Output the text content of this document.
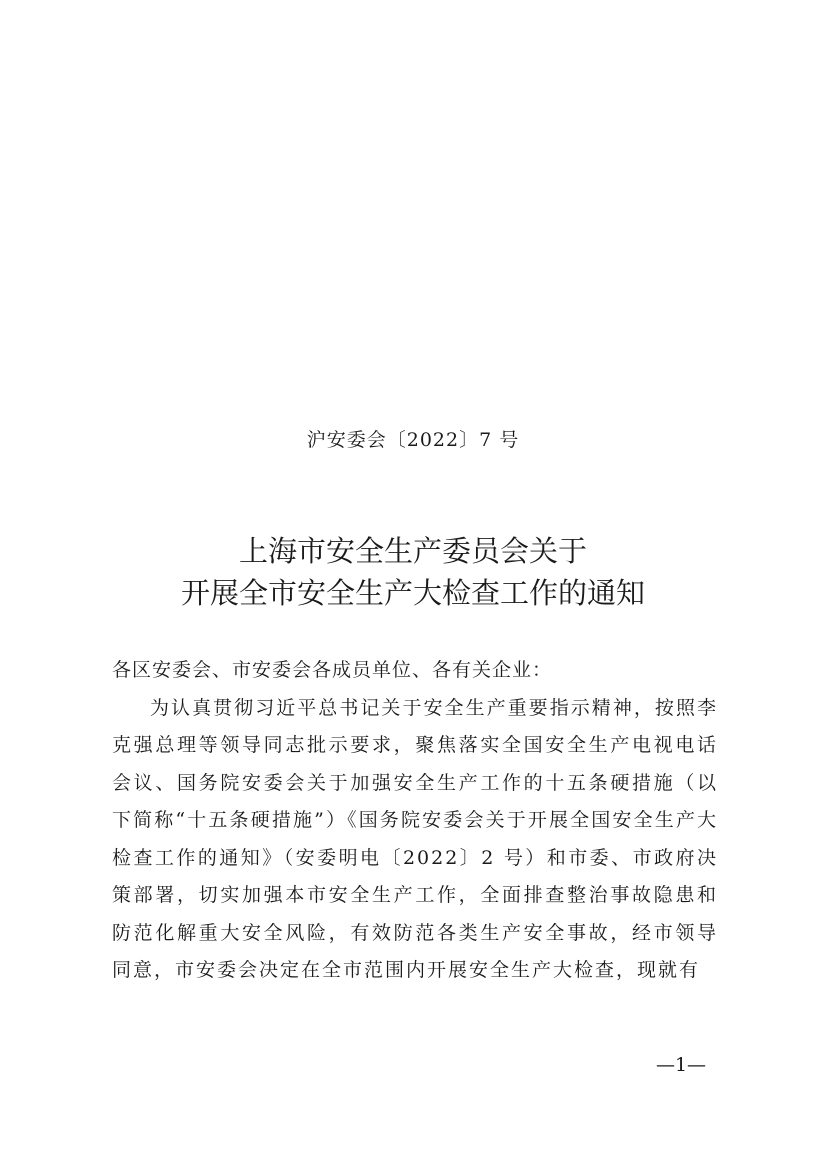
沪安委会〔2022〕7 号
上海市安全生产委员会关于
开展全市安全生产大检查工作的通知

各区安委会、市安委会各成员单位、各有关企业：

为认真贯彻习近平总书记关于安全生产重要指示精神，按照李克强总理等领导同志批示要求，聚焦落实全国安全生产电视电话会议、国务院安委会关于加强安全生产工作的十五条硬措施（以下简称“十五条硬措施”）《国务院安委会关于开展全国安全生产大检查工作的通知》（安委明电〔2022〕2 号）和市委、市政府决策部署，切实加强本市安全生产工作，全面排查整治事故隐患和防范化解重大安全风险，有效防范各类生产安全事故，经市领导同意，市安委会决定在全市范围内开展安全生产大检查，现就有

—1—
